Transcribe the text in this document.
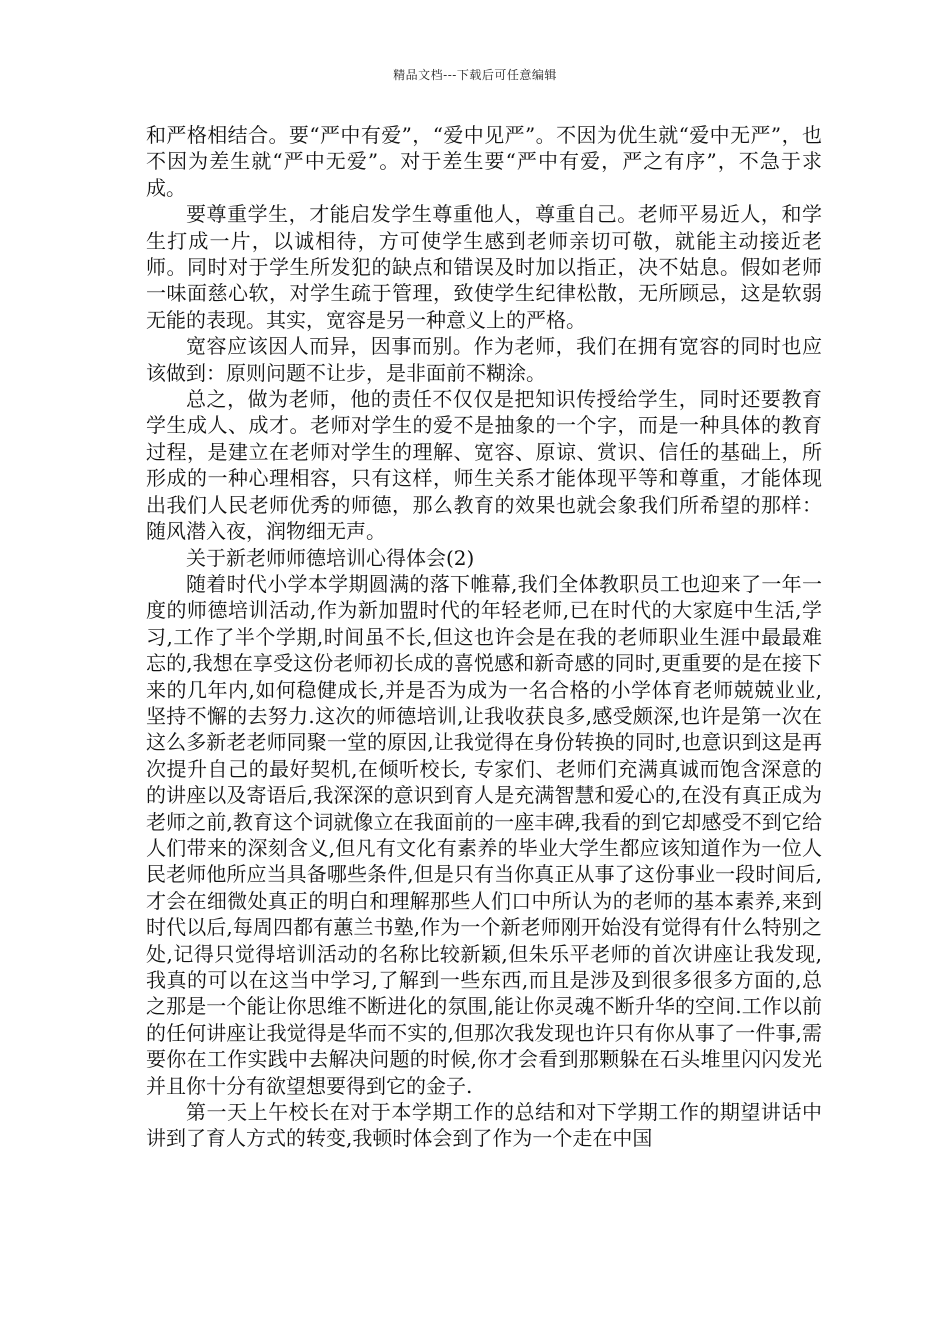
精品文档---下载后可任意编辑

和严格相结合。要“严中有爱”，“爱中见严”。不因为优生就“爱中无严”，也不因为差生就“严中无爱”。对于差生要“严中有爱，严之有序”，不急于求成。

要尊重学生，才能启发学生尊重他人，尊重自己。老师平易近人，和学生打成一片，以诚相待，方可使学生感到老师亲切可敬，就能主动接近老师。同时对于学生所发犯的缺点和错误及时加以指正，决不姑息。假如老师一味面慈心软，对学生疏于管理，致使学生纪律松散，无所顾忌，这是软弱无能的表现。其实，宽容是另一种意义上的严格。

宽容应该因人而异，因事而别。作为老师，我们在拥有宽容的同时也应该做到：原则问题不让步，是非面前不糊涂。

总之，做为老师，他的责任不仅仅是把知识传授给学生，同时还要教育学生成人、成才。老师对学生的爱不是抽象的一个字，而是一种具体的教育过程，是建立在老师对学生的理解、宽容、原谅、赏识、信任的基础上，所形成的一种心理相容，只有这样，师生关系才能体现平等和尊重，才能体现出我们人民老师优秀的师德，那么教育的效果也就会象我们所希望的那样：随风潜入夜，润物细无声。

关于新老师师德培训心得体会(2)

随着时代小学本学期圆满的落下帷幕,我们全体教职员工也迎来了一年一度的师德培训活动,作为新加盟时代的年轻老师,已在时代的大家庭中生活,学习,工作了半个学期,时间虽不长,但这也许会是在我的老师职业生涯中最最难忘的,我想在享受这份老师初长成的喜悦感和新奇感的同时,更重要的是在接下来的几年内,如何稳健成长,并是否为成为一名合格的小学体育老师兢兢业业,坚持不懈的去努力.这次的师德培训,让我收获良多,感受颇深,也许是第一次在这么多新老老师同聚一堂的原因,让我觉得在身份转换的同时,也意识到这是再次提升自己的最好契机,在倾听校长, 专家们、老师们充满真诚而饱含深意的的讲座以及寄语后,我深深的意识到育人是充满智慧和爱心的,在没有真正成为老师之前,教育这个词就像立在我面前的一座丰碑,我看的到它却感受不到它给人们带来的深刻含义,但凡有文化有素养的毕业大学生都应该知道作为一位人民老师他所应当具备哪些条件,但是只有当你真正从事了这份事业一段时间后,才会在细微处真正的明白和理解那些人们口中所认为的老师的基本素养,来到时代以后,每周四都有蕙兰书塾,作为一个新老师刚开始没有觉得有什么特别之处,记得只觉得培训活动的名称比较新颖,但朱乐平老师的首次讲座让我发现,我真的可以在这当中学习,了解到一些东西,而且是涉及到很多很多方面的,总之那是一个能让你思维不断进化的氛围,能让你灵魂不断升华的空间.工作以前的任何讲座让我觉得是华而不实的,但那次我发现也许只有你从事了一件事,需要你在工作实践中去解决问题的时候,你才会看到那颗躲在石头堆里闪闪发光并且你十分有欲望想要得到它的金子.

第一天上午校长在对于本学期工作的总结和对下学期工作的期望讲话中讲到了育人方式的转变,我顿时体会到了作为一个走在中国
